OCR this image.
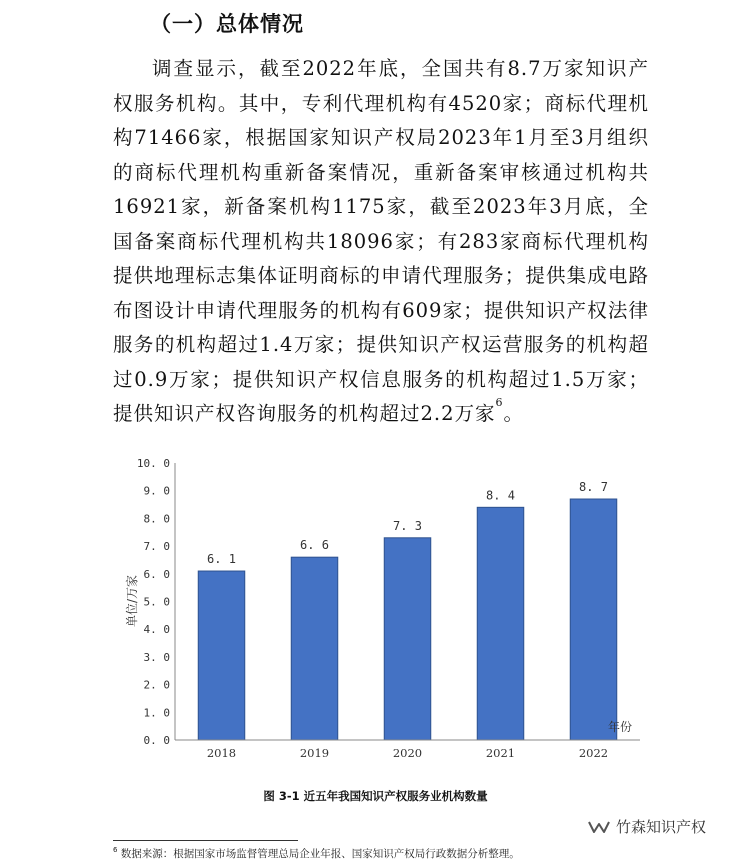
（一）总体情况

调查显示，截至2022年底，全国共有8.7万家知识产权服务机构。其中，专利代理机构有4520家；商标代理机构71466家，根据国家知识产权局2023年1月至3月组织的商标代理机构重新备案情况，重新备案审核通过机构共16921家，新备案机构1175家，截至2023年3月底，全国备案商标代理机构共18096家；有283家商标代理机构提供地理标志集体证明商标的申请代理服务；提供集成电路布图设计申请代理服务的机构有609家；提供知识产权法律服务的机构超过1.4万家；提供知识产权运营服务的机构超过0.9万家；提供知识产权信息服务的机构超过1.5万家；提供知识产权咨询服务的机构超过2.2万家$^6$。

0. 0
1. 0
2. 0
3. 0
4. 0
5. 0
6. 0
7. 0
8. 0
9. 0
10. 0
6. 1
6. 6
7. 3
8. 4
8. 7
2018	2019	2020	2021	2022
单位/万家
年份
图 3-1 近五年我国知识产权服务业机构数量
$^6$ 数据来源：根据国家市场监督管理总局企业年报、国家知识产权局行政数据分析整理。
竹森知识产权
